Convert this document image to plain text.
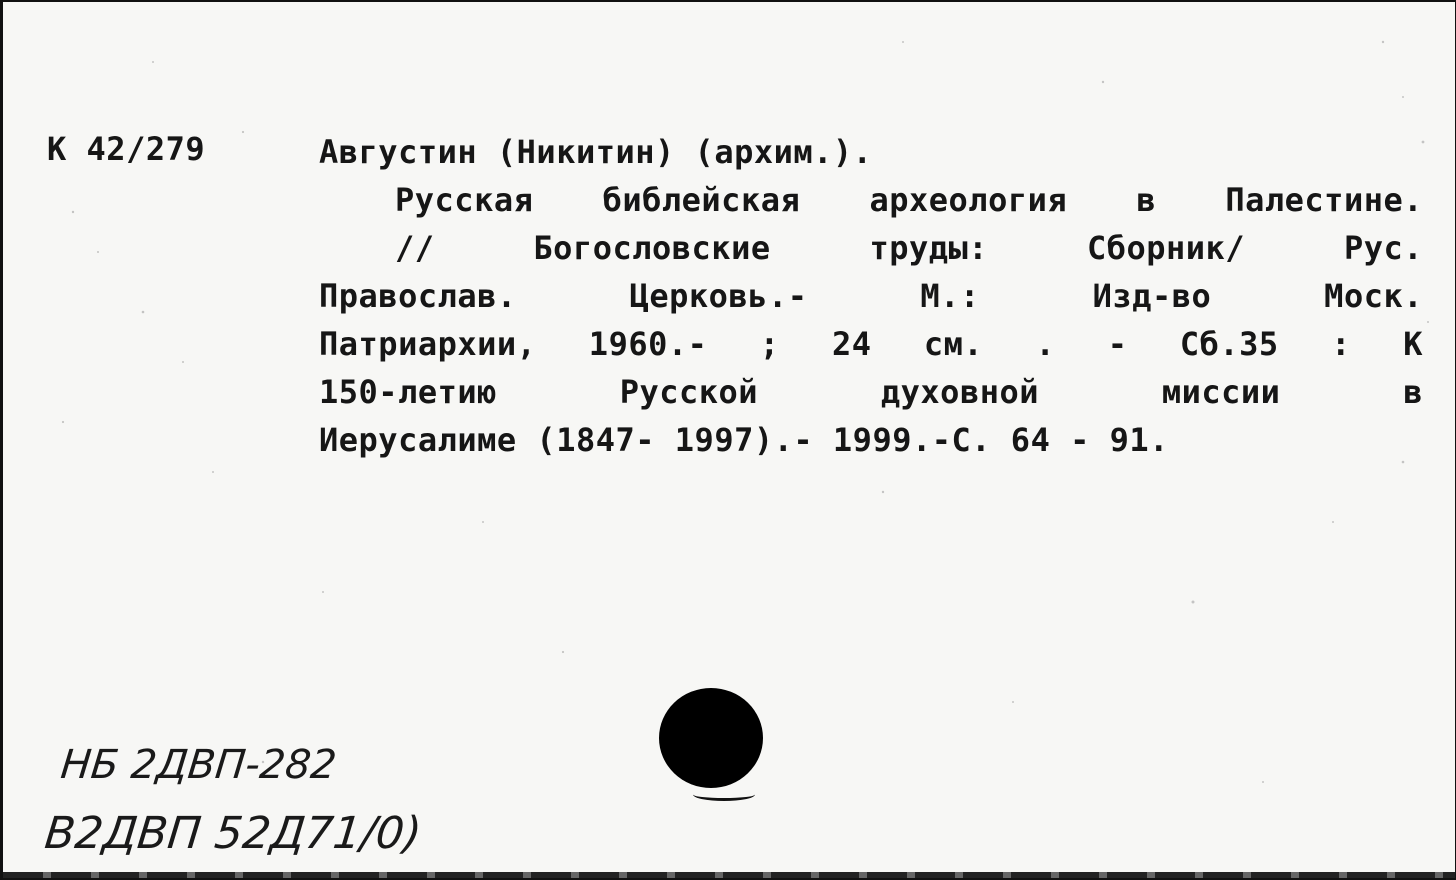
К 42/279	Августин (Никитин) (архим.).
Русская библейская археология в Палестине.
// Богословские труды: Сборник/ Рус.
Православ. Церковь.- М.: Изд-во Моск.
Патриархии, 1960.- ; 24 см. . - Сб.35 : К
150-летию Русской духовной миссии в
Иерусалиме (1847- 1997).- 1999.-С. 64 - 91.
НБ 2ДВП-282
В2ДВП 52Д71/0)
